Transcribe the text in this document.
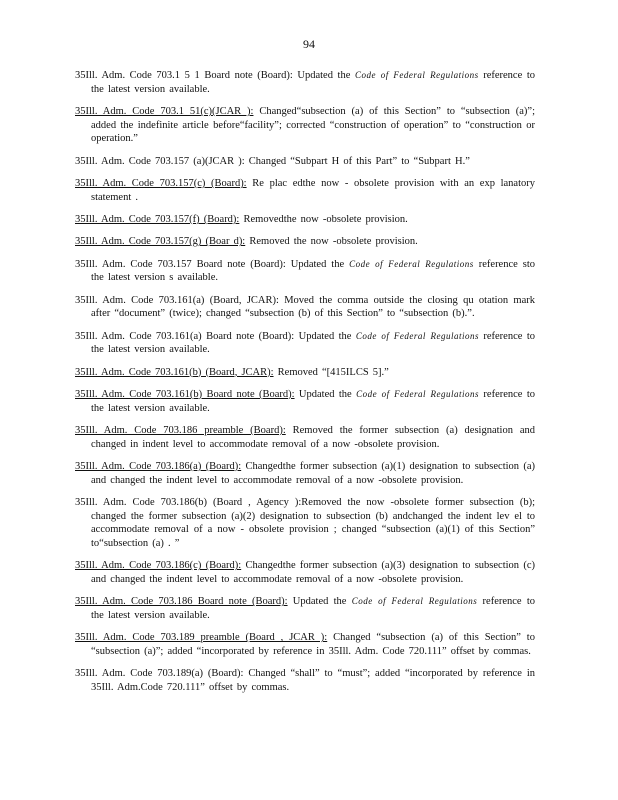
94

35Ill. Adm. Code 703.1 5 1 Board note (Board): Updated the Code of Federal Regulations reference to the latest version available.

35Ill. Adm. Code 703.1 51(c)(JCAR ): Changed“subsection (a) of this Section” to “subsection (a)”; added the indefinite article before“facility”; corrected “construction of operation” to “construction or operation.”

35Ill. Adm. Code 703.157 (a)(JCAR ): Changed “Subpart H of this Part” to “Subpart H.”

35Ill. Adm. Code 703.157(c) (Board): Re plac edthe now - obsolete provision with an exp lanatory statement .

35Ill. Adm. Code 703.157(f) (Board): Removedthe now -obsolete provision.

35Ill. Adm. Code 703.157(g) (Boar d): Removed the now -obsolete provision.

35Ill. Adm. Code 703.157 Board note (Board): Updated the Code of Federal Regulations reference sto the latest version s available.

35Ill. Adm. Code 703.161(a) (Board, JCAR): Moved the comma outside the closing qu otation mark after “document” (twice); changed “subsection (b) of this Section” to “subsection (b).”.

35Ill. Adm. Code 703.161(a) Board note (Board): Updated the Code of Federal Regulations reference to the latest version available.

35Ill. Adm. Code 703.161(b) (Board, JCAR): Removed “[415ILCS 5].”

35Ill. Adm. Code 703.161(b) Board note (Board): Updated the Code of Federal Regulations reference to the latest version available.

35Ill. Adm. Code 703.186 preamble (Board): Removed the former subsection (a) designation and changed in indent level to accommodate removal of a now -obsolete provision.

35Ill. Adm. Code 703.186(a) (Board): Changedthe former subsection (a)(1) designation to subsection (a) and changed the indent level to accommodate removal of a now -obsolete provision.

35Ill. Adm. Code 703.186(b) (Board , Agency ):Removed the now -obsolete former subsection (b); changed the former subsection (a)(2) designation to subsection (b) andchanged the indent lev el to accommodate removal of a now - obsolete provision ; changed “subsection (a)(1) of this Section” to“subsection (a) . ”

35Ill. Adm. Code 703.186(c) (Board): Changedthe former subsection (a)(3) designation to subsection (c) and changed the indent level to accommodate removal of a now -obsolete provision.

35Ill. Adm. Code 703.186 Board note (Board): Updated the Code of Federal Regulations reference to the latest version available.

35Ill. Adm. Code 703.189 preamble (Board , JCAR ): Changed “subsection (a) of this Section” to “subsection (a)”; added “incorporated by reference in 35Ill. Adm. Code 720.111” offset by commas.

35Ill. Adm. Code 703.189(a) (Board): Changed “shall” to “must”; added “incorporated by reference in 35Ill. Adm.Code 720.111” offset by commas.
